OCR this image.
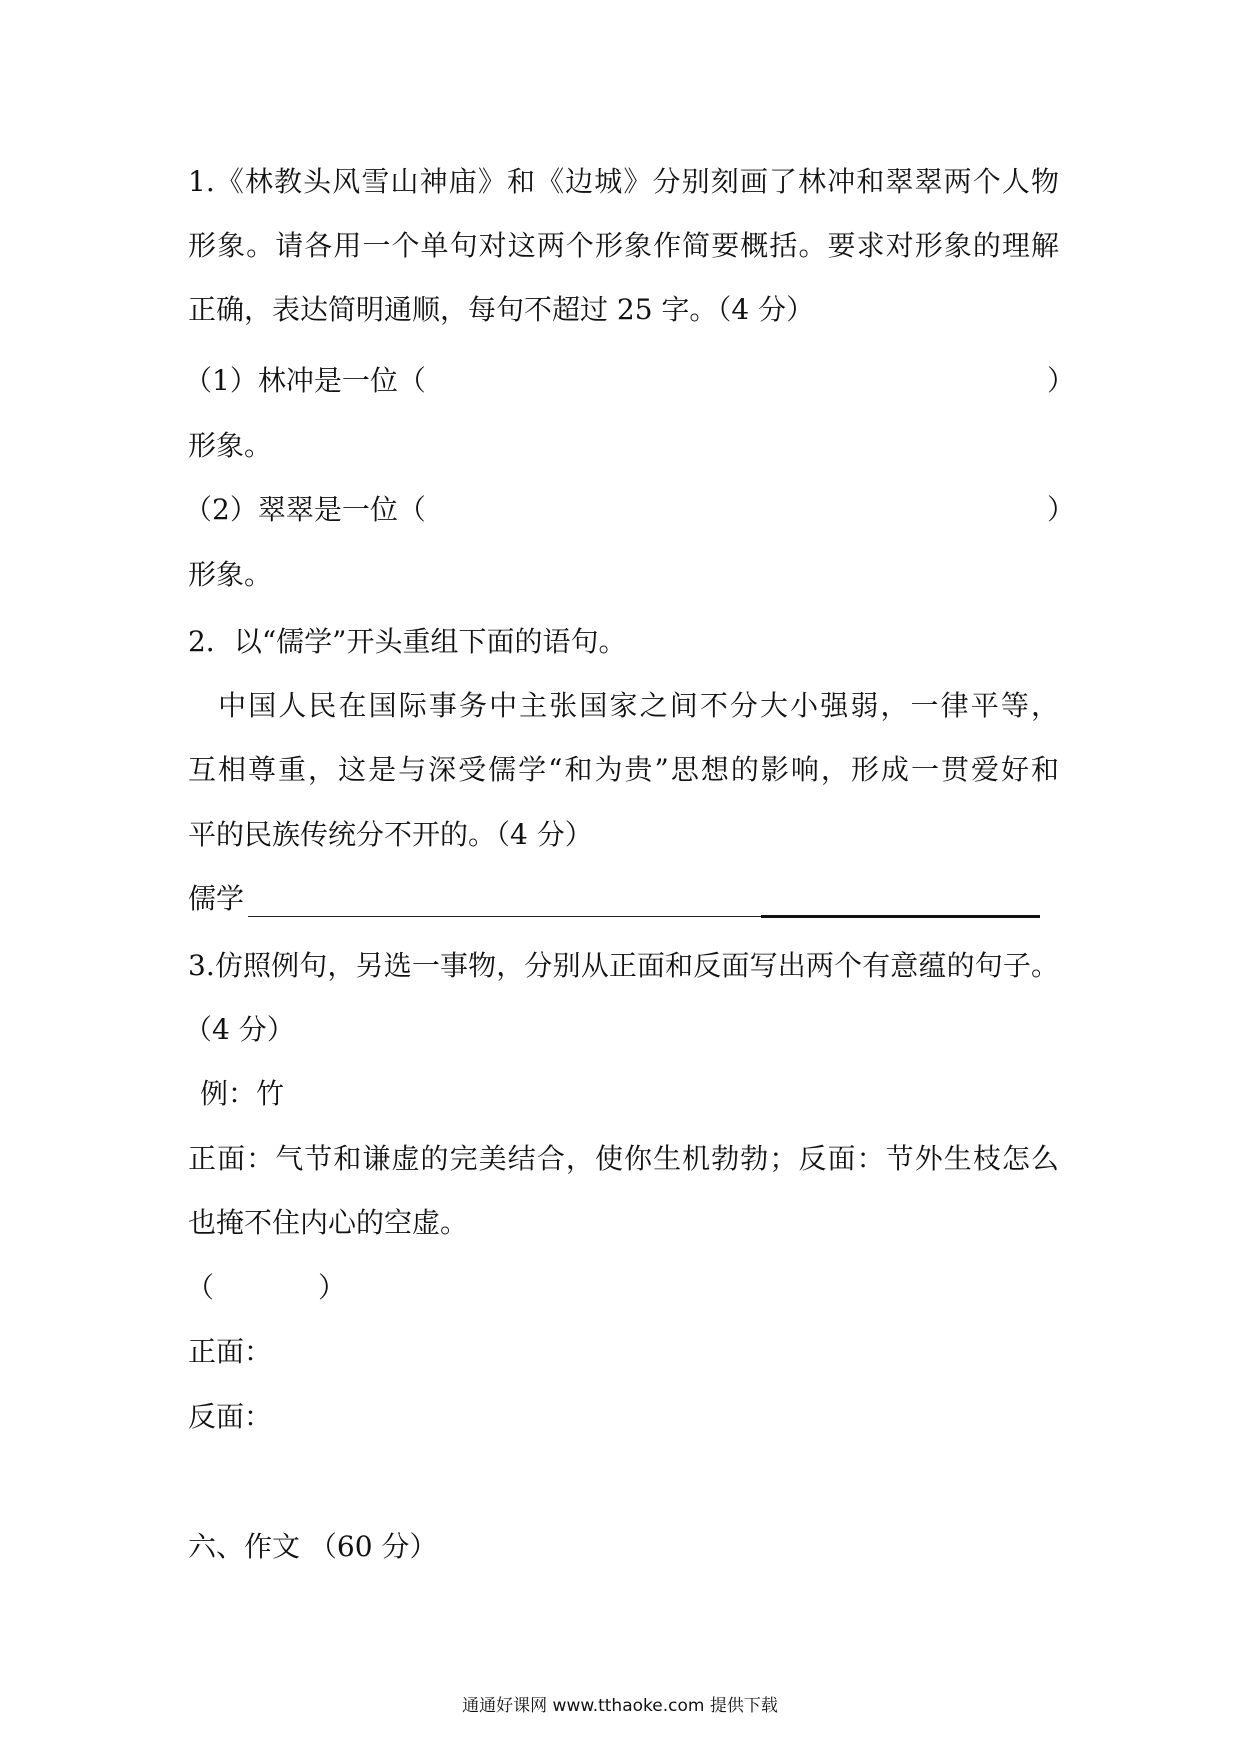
1.《林教头风雪山神庙》和《边城》分别刻画了林冲和翠翠两个人物

形象。请各用一个单句对这两个形象作简要概括。要求对形象的理解

正确，表达简明通顺，每句不超过 25 字。（4 分）

（1）林冲是一位（	）

形象。

（2）翠翠是一位（	）

形象。

2．以“儒学”开头重组下面的语句。

　中国人民在国际事务中主张国家之间不分大小强弱，一律平等，

互相尊重，这是与深受儒学“和为贵”思想的影响，形成一贯爱好和

平的民族传统分不开的。（4 分）

儒学

3.仿照例句，另选一事物，分别从正面和反面写出两个有意蕴的句子。

（4 分）

例：竹

正面：气节和谦虚的完美结合，使你生机勃勃；反面：节外生枝怎么

也掩不住内心的空虚。

（	）

正面：

反面：

六、作文 （60 分）

通通好课网 www.tthaoke.com 提供下载
